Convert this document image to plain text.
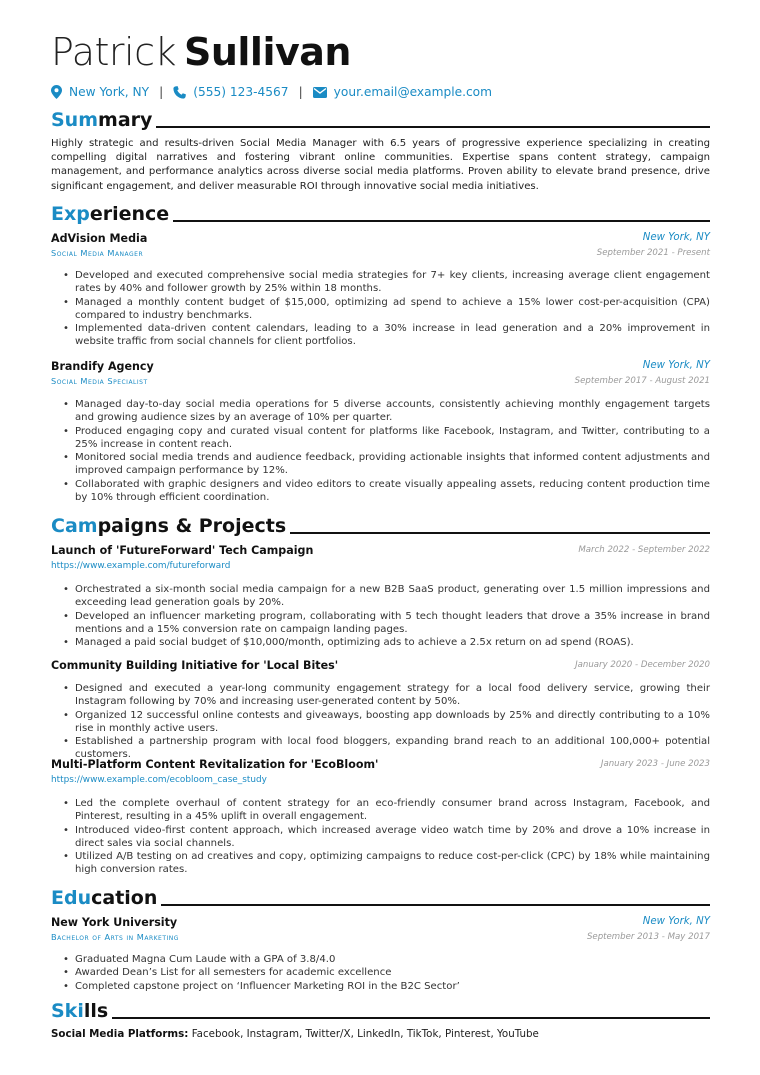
Patrick Sullivan
New York, NY | (555) 123-4567 |	your.email@example.com
Summary

Highly strategic and results-driven Social Media Manager with 6.5 years of progressive experience specializing in creating compelling digital narratives and fostering vibrant online communities. Expertise spans content strategy, campaign management, and performance analytics across diverse social media platforms. Proven ability to elevate brand presence, drive significant engagement, and deliver measurable ROI through innovative social media initiatives.

Experience
AdVision Media	New York, NY
Social Media Manager	September 2021 - Present
• Developed and executed comprehensive social media strategies for 7+ key clients, increasing average client engagement rates by 40% and follower growth by 25% within 18 months.
• Managed a monthly content budget of $15,000, optimizing ad spend to achieve a 15% lower cost-per-acquisition (CPA) compared to industry benchmarks.
• Implemented data-driven content calendars, leading to a 30% increase in lead generation and a 20% improvement in website traffic from social channels for client portfolios.
Brandify Agency	New York, NY
Social Media Specialist	September 2017 - August 2021
• Managed day-to-day social media operations for 5 diverse accounts, consistently achieving monthly engagement targets and growing audience sizes by an average of 10% per quarter.
• Produced engaging copy and curated visual content for platforms like Facebook, Instagram, and Twitter, contributing to a 25% increase in content reach.
• Monitored social media trends and audience feedback, providing actionable insights that informed content adjustments and improved campaign performance by 12%.
• Collaborated with graphic designers and video editors to create visually appealing assets, reducing content production time by 10% through efficient coordination.
Campaigns & Projects
Launch of 'FutureForward' Tech Campaign	March 2022 - September 2022
https://www.example.com/futureforward
• Orchestrated a six-month social media campaign for a new B2B SaaS product, generating over 1.5 million impressions and exceeding lead generation goals by 20%.
• Developed an influencer marketing program, collaborating with 5 tech thought leaders that drove a 35% increase in brand mentions and a 15% conversion rate on campaign landing pages.
• Managed a paid social budget of $10,000/month, optimizing ads to achieve a 2.5x return on ad spend (ROAS).
Community Building Initiative for 'Local Bites'	January 2020 - December 2020
• Designed and executed a year-long community engagement strategy for a local food delivery service, growing their Instagram following by 70% and increasing user-generated content by 50%.
• Organized 12 successful online contests and giveaways, boosting app downloads by 25% and directly contributing to a 10% rise in monthly active users.
• Established a partnership program with local food bloggers, expanding brand reach to an additional 100,000+ potential customers.
Multi-Platform Content Revitalization for 'EcoBloom'	January 2023 - June 2023
https://www.example.com/ecobloom_case_study
• Led the complete overhaul of content strategy for an eco-friendly consumer brand across Instagram, Facebook, and Pinterest, resulting in a 45% uplift in overall engagement.
• Introduced video-first content approach, which increased average video watch time by 20% and drove a 10% increase in direct sales via social channels.
• Utilized A/B testing on ad creatives and copy, optimizing campaigns to reduce cost-per-click (CPC) by 18% while maintaining high conversion rates.
Education
New York University	New York, NY
Bachelor of Arts in Marketing	September 2013 - May 2017
• Graduated Magna Cum Laude with a GPA of 3.8/4.0
• Awarded Dean’s List for all semesters for academic excellence
• Completed capstone project on ‘Influencer Marketing ROI in the B2C Sector’
Skills
Social Media Platforms: Facebook, Instagram, Twitter/X, LinkedIn, TikTok, Pinterest, YouTube
